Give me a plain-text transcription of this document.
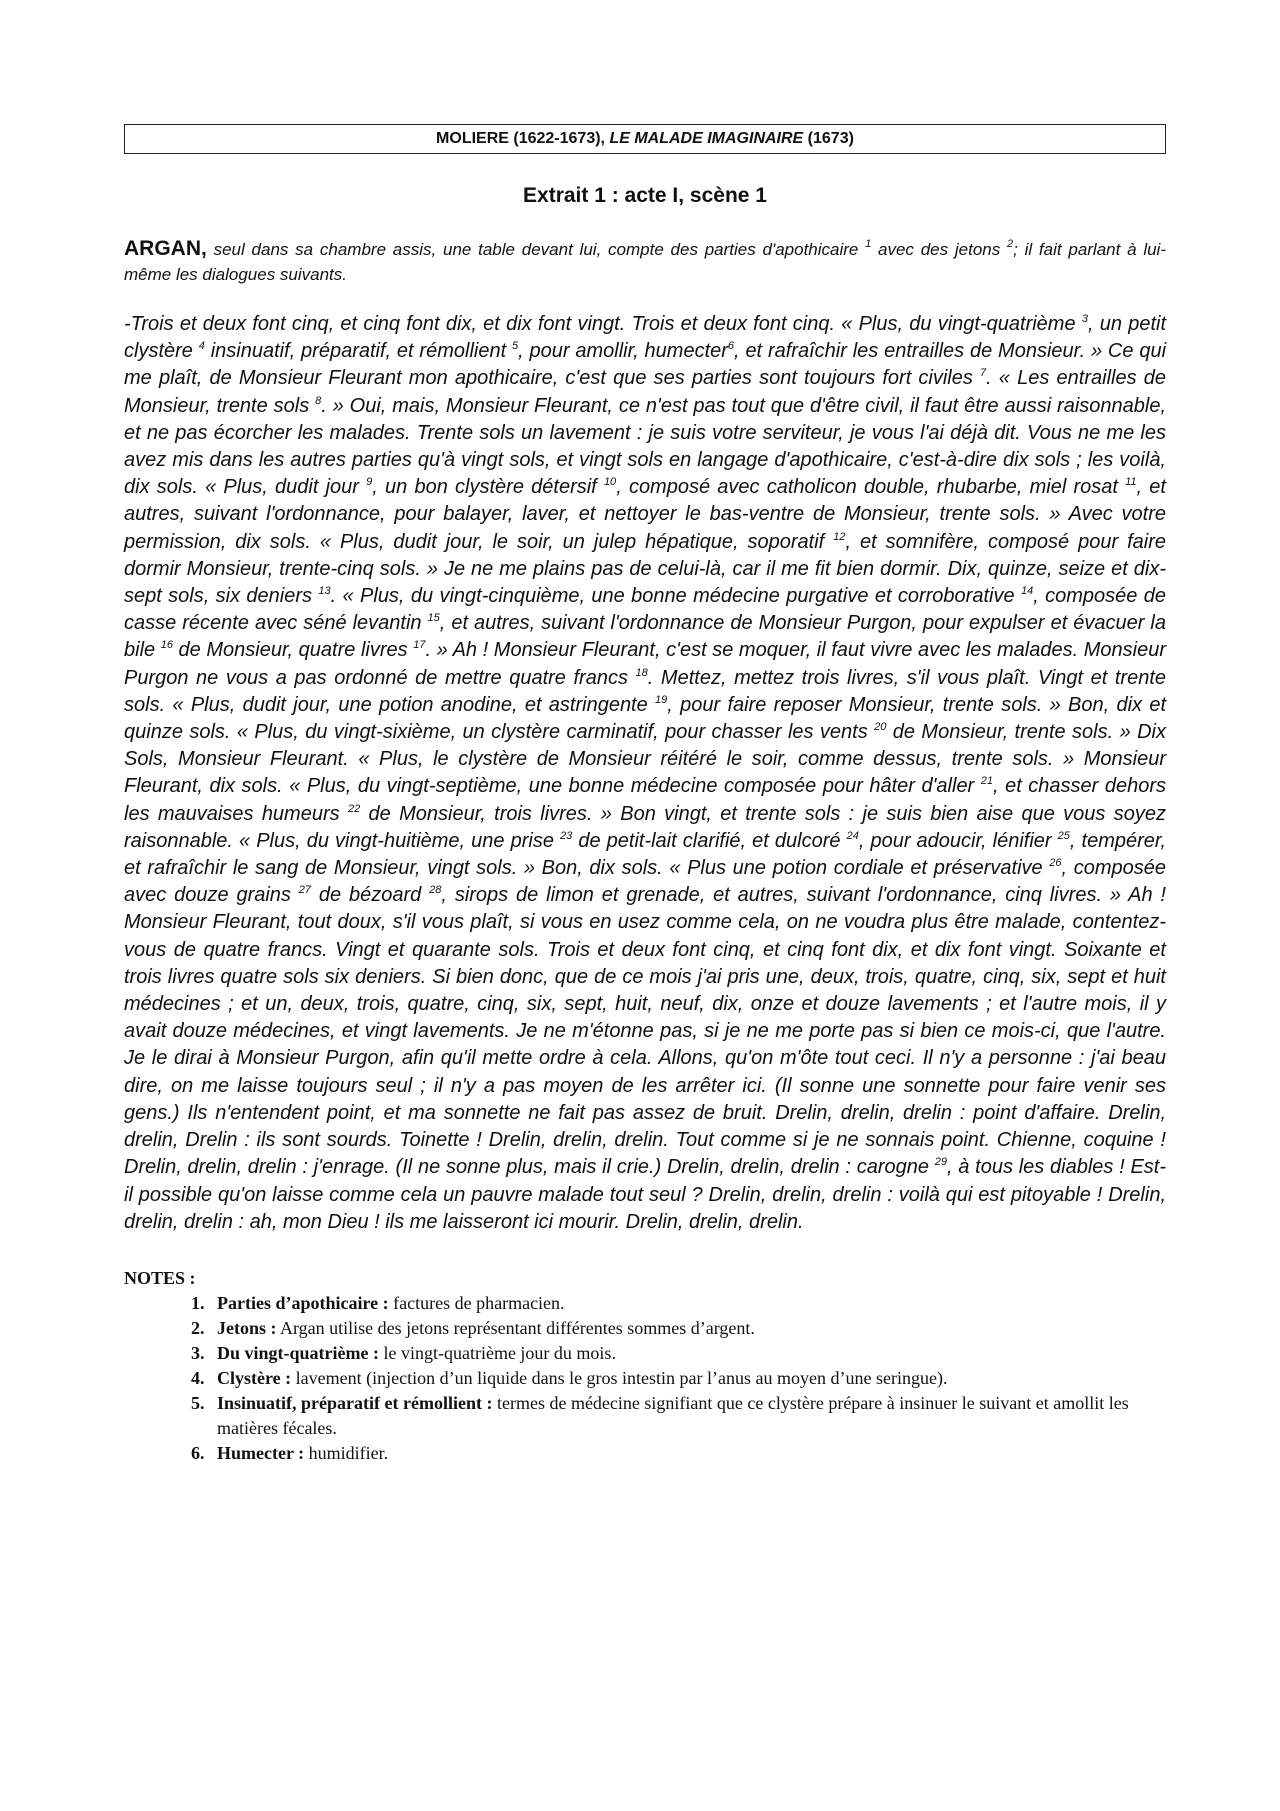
MOLIERE (1622-1673), LE MALADE IMAGINAIRE (1673)
Extrait 1 : acte I, scène 1
ARGAN, seul dans sa chambre assis, une table devant lui, compte des parties d'apothicaire $^1$ avec des jetons $^2$; il fait parlant à lui-même les dialogues suivants.
-Trois et deux font cinq, et cinq font dix, et dix font vingt. Trois et deux font cinq. « Plus, du vingt-quatrième $^3$, un petit clystère $^4$ insinuatif, préparatif, et rémollient $^5$, pour amollir, humecter$^6$, et rafraîchir les entrailles de Monsieur. » Ce qui me plaît, de Monsieur Fleurant mon apothicaire, c'est que ses parties sont toujours fort civiles $^7$. « Les entrailles de Monsieur, trente sols $^8$. » Oui, mais, Monsieur Fleurant, ce n'est pas tout que d'être civil, il faut être aussi raisonnable, et ne pas écorcher les malades. Trente sols un lavement : je suis votre serviteur, je vous l'ai déjà dit. Vous ne me les avez mis dans les autres parties qu'à vingt sols, et vingt sols en langage d'apothicaire, c'est-à-dire dix sols ; les voilà, dix sols. « Plus, dudit jour $^9$, un bon clystère détersif $^{10}$, composé avec catholicon double, rhubarbe, miel rosat $^{11}$, et autres, suivant l'ordonnance, pour balayer, laver, et nettoyer le bas-ventre de Monsieur, trente sols. » Avec votre permission, dix sols. « Plus, dudit jour, le soir, un julep hépatique, soporatif $^{12}$, et somnifère, composé pour faire dormir Monsieur, trente-cinq sols. » Je ne me plains pas de celui-là, car il me fit bien dormir. Dix, quinze, seize et dix-sept sols, six deniers $^{13}$. « Plus, du vingt-cinquième, une bonne médecine purgative et corroborative $^{14}$, composée de casse récente avec séné levantin $^{15}$, et autres, suivant l'ordonnance de Monsieur Purgon, pour expulser et évacuer la bile $^{16}$ de Monsieur, quatre livres $^{17}$. » Ah ! Monsieur Fleurant, c'est se moquer, il faut vivre avec les malades. Monsieur Purgon ne vous a pas ordonné de mettre quatre francs $^{18}$. Mettez, mettez trois livres, s'il vous plaît. Vingt et trente sols. « Plus, dudit jour, une potion anodine, et astringente $^{19}$, pour faire reposer Monsieur, trente sols. » Bon, dix et quinze sols. « Plus, du vingt-sixième, un clystère carminatif, pour chasser les vents $^{20}$ de Monsieur, trente sols. » Dix Sols, Monsieur Fleurant. « Plus, le clystère de Monsieur réitéré le soir, comme dessus, trente sols. » Monsieur Fleurant, dix sols. « Plus, du vingt-septième, une bonne médecine composée pour hâter d'aller $^{21}$, et chasser dehors les mauvaises humeurs $^{22}$ de Monsieur, trois livres. » Bon vingt, et trente sols : je suis bien aise que vous soyez raisonnable. « Plus, du vingt-huitième, une prise $^{23}$ de petit-lait clarifié, et dulcoré $^{24}$, pour adoucir, lénifier $^{25}$, tempérer, et rafraîchir le sang de Monsieur, vingt sols. » Bon, dix sols. « Plus une potion cordiale et préservative $^{26}$, composée avec douze grains $^{27}$ de bézoard $^{28}$, sirops de limon et grenade, et autres, suivant l'ordonnance, cinq livres. » Ah ! Monsieur Fleurant, tout doux, s'il vous plaît, si vous en usez comme cela, on ne voudra plus être malade, contentez-vous de quatre francs. Vingt et quarante sols. Trois et deux font cinq, et cinq font dix, et dix font vingt. Soixante et trois livres quatre sols six deniers. Si bien donc, que de ce mois j'ai pris une, deux, trois, quatre, cinq, six, sept et huit médecines ; et un, deux, trois, quatre, cinq, six, sept, huit, neuf, dix, onze et douze lavements ; et l'autre mois, il y avait douze médecines, et vingt lavements. Je ne m'étonne pas, si je ne me porte pas si bien ce mois-ci, que l'autre. Je le dirai à Monsieur Purgon, afin qu'il mette ordre à cela. Allons, qu'on m'ôte tout ceci. Il n'y a personne : j'ai beau dire, on me laisse toujours seul ; il n'y a pas moyen de les arrêter ici. (Il sonne une sonnette pour faire venir ses gens.) Ils n'entendent point, et ma sonnette ne fait pas assez de bruit. Drelin, drelin, drelin : point d'affaire. Drelin, drelin, Drelin : ils sont sourds. Toinette ! Drelin, drelin, drelin. Tout comme si je ne sonnais point. Chienne, coquine ! Drelin, drelin, drelin : j'enrage. (Il ne sonne plus, mais il crie.) Drelin, drelin, drelin : carogne $^{29}$, à tous les diables ! Est-il possible qu'on laisse comme cela un pauvre malade tout seul ? Drelin, drelin, drelin : voilà qui est pitoyable ! Drelin, drelin, drelin : ah, mon Dieu ! ils me laisseront ici mourir. Drelin, drelin, drelin.
NOTES :
1. Parties d’apothicaire : factures de pharmacien.
2. Jetons : Argan utilise des jetons représentant différentes sommes d’argent.
3. Du vingt-quatrième : le vingt-quatrième jour du mois.
4. Clystère : lavement (injection d’un liquide dans le gros intestin par l’anus au moyen d’une seringue).
5. Insinuatif, préparatif et rémollient : termes de médecine signifiant que ce clystère prépare à insinuer le suivant et amollit les matières fécales.
6. Humecter : humidifier.
